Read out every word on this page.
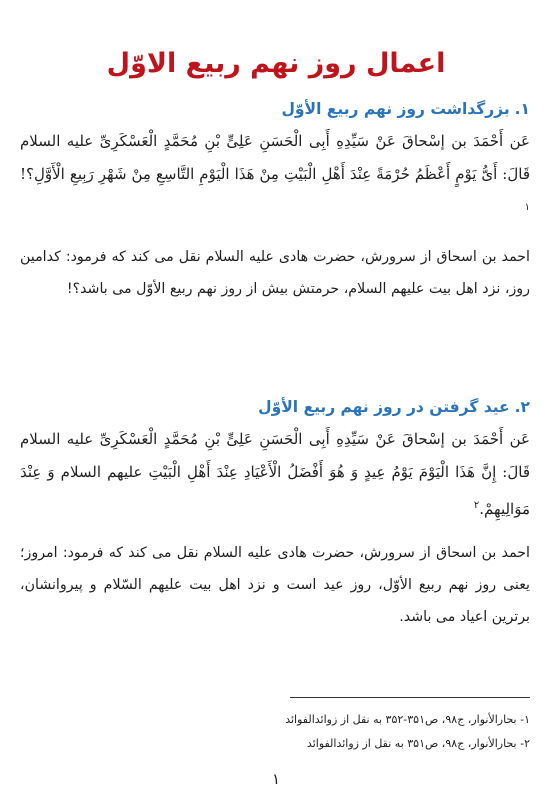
اعمال روز نهم ربیع الاوّل
۱.بزرگداشت روز نهم ربیع الأوّل
عَن أَحْمَدَ بن إسْحاقَ عَنْ سَيِّدِهِ أَبِی الْحَسَنِ عَلِیٍّ بْنِ مُحَمَّدٍ الْعَسْكَرِیِّ علیه السلام قَالَ: أَیُّ يَوْمٍ أَعْظَمُ حُرْمَةً عِنْدَ أَهْلِ الْبَيْتِ مِنْ هَذَا الْيَوْمِ التَّاسِعِ مِنْ شَهْرِ رَبِيعِ الْأَوَّلِ؟!$^۱$
احمد بن اسحاق از سرورش، حضرت هادی علیه السلام نقل می کند که فرمود: کدامین روز، نزد اهل بیت علیهم السلام، حرمتش بیش از روز نهم ربیع الأوّل می باشد؟!
۲.عید گرفتن در روز نهم ربیع الأوّل
عَن أَحْمَدَ بن إسْحاقَ عَنْ سَيِّدِهِ أَبِی الْحَسَنِ عَلِیٍّ بْنِ مُحَمَّدٍ الْعَسْكَرِیِّ علیه السلام قَالَ: إِنَّ هَذَا الْيَوْمَ يَوْمُ عِيدٍ وَ هُوَ أَفْضَلُ الْأَعْيَادِ عِنْدَ أَهْلِ الْبَيْتِ علیهم السلام وَ عِنْدَ مَوَالِيهِمْ.$^۲$
احمد بن اسحاق از سرورش، حضرت هادی علیه السلام نقل می کند که فرمود: امروز؛ یعنی روز نهم ربیع الأوّل، روز عید است و نزد اهل بیت علیهم السّلام و پیروانشان، برترین اعیاد می باشد.
۱- بحارالأنوار، ج۹۸، ص۳۵۱-۳۵۲ به نقل از زوائدالفوائد
۲- بحارالأنوار، ج۹۸، ص۳۵۱ به نقل از زوائدالفوائد
۱
